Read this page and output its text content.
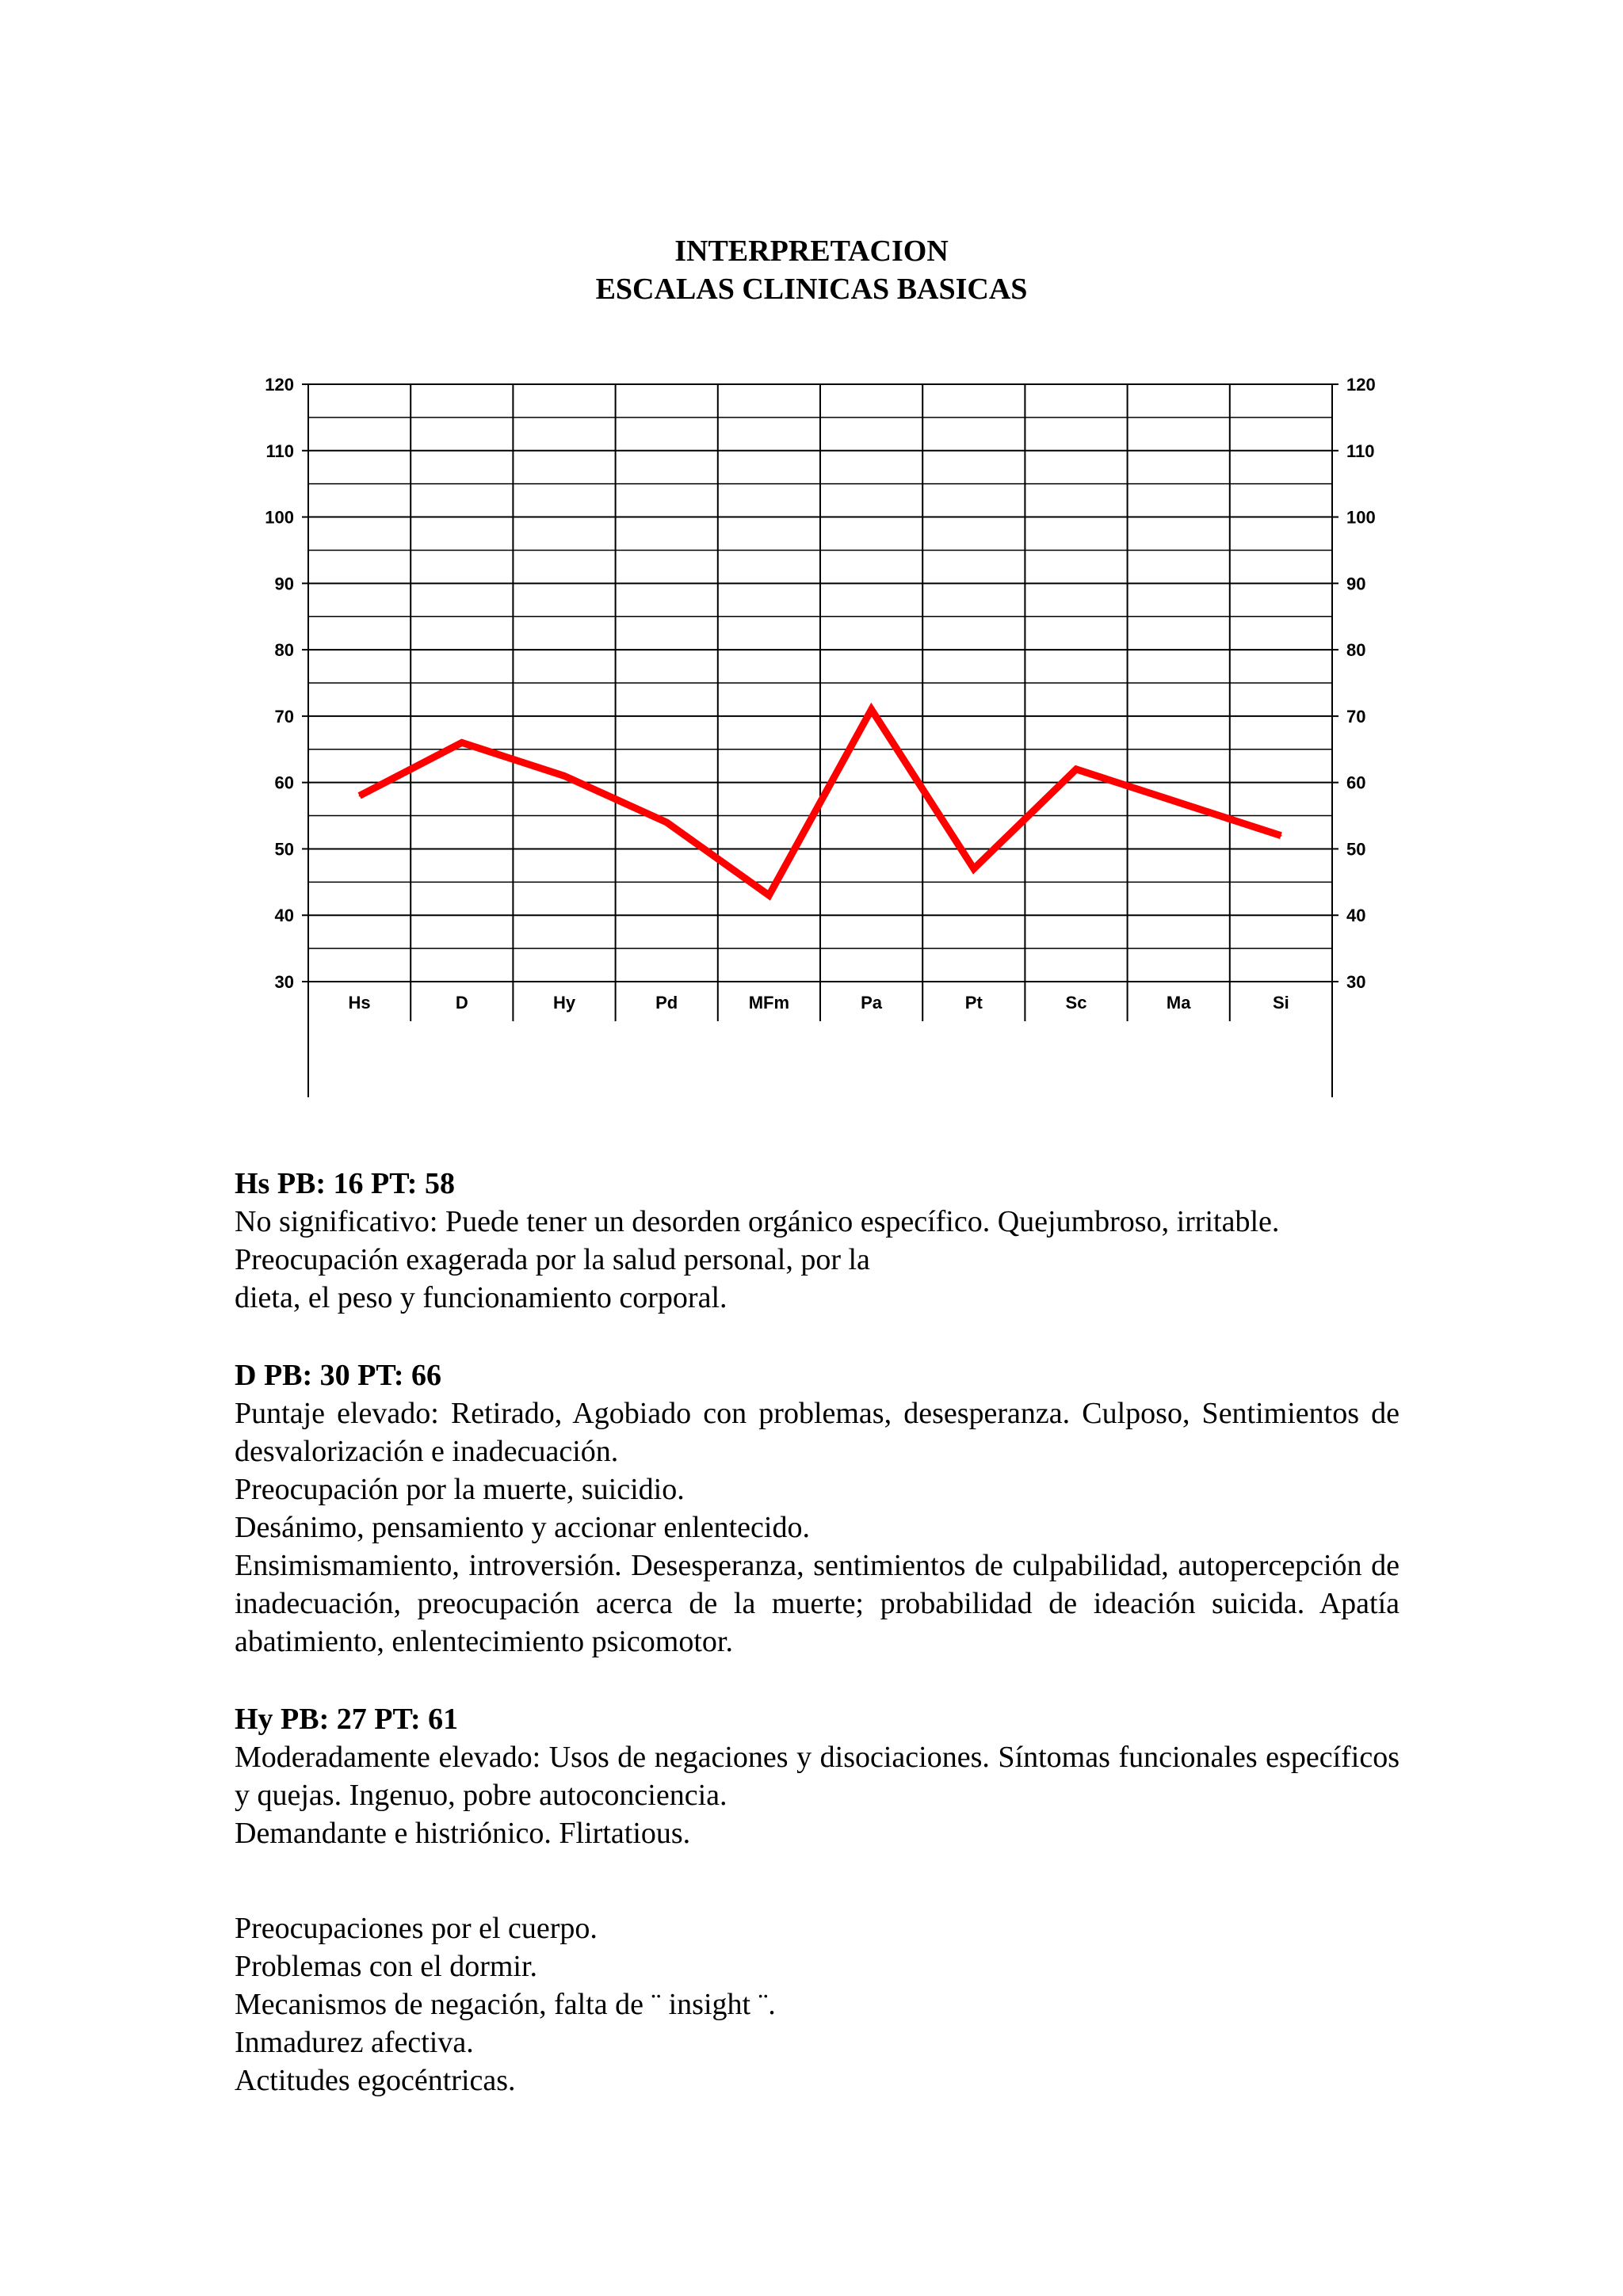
INTERPRETACION
ESCALAS CLINICAS BASICAS
30	30
40	40
50	50
60	60
70	70
80	80
90	90
100	100
110	110
120	120
Hs	D	Hy	Pd	MFm	Pa	Pt	Sc	Ma	Si

Hs PB: 16 PT: 58

No significativo: Puede tener un desorden orgánico específico. Quejumbroso, irritable.

Preocupación exagerada por la salud personal, por la

dieta, el peso y funcionamiento corporal.

D PB: 30 PT: 66

Puntaje elevado: Retirado, Agobiado con problemas, desesperanza. Culposo, Sentimientos de desvalorización e inadecuación.

Preocupación por la muerte, suicidio.

Desánimo, pensamiento y accionar enlentecido.

Ensimismamiento, introversión. Desesperanza, sentimientos de culpabilidad, autopercepción de inadecuación, preocupación acerca de la muerte; probabilidad de ideación suicida. Apatía abatimiento, enlentecimiento psicomotor.

Hy PB: 27 PT: 61

Moderadamente elevado: Usos de negaciones y disociaciones. Síntomas funcionales específicos y quejas. Ingenuo, pobre autoconciencia.

Demandante e histriónico. Flirtatious.

Preocupaciones por el cuerpo.

Problemas con el dormir.

Mecanismos de negación, falta de ¨ insight ¨.

Inmadurez afectiva.

Actitudes egocéntricas.
